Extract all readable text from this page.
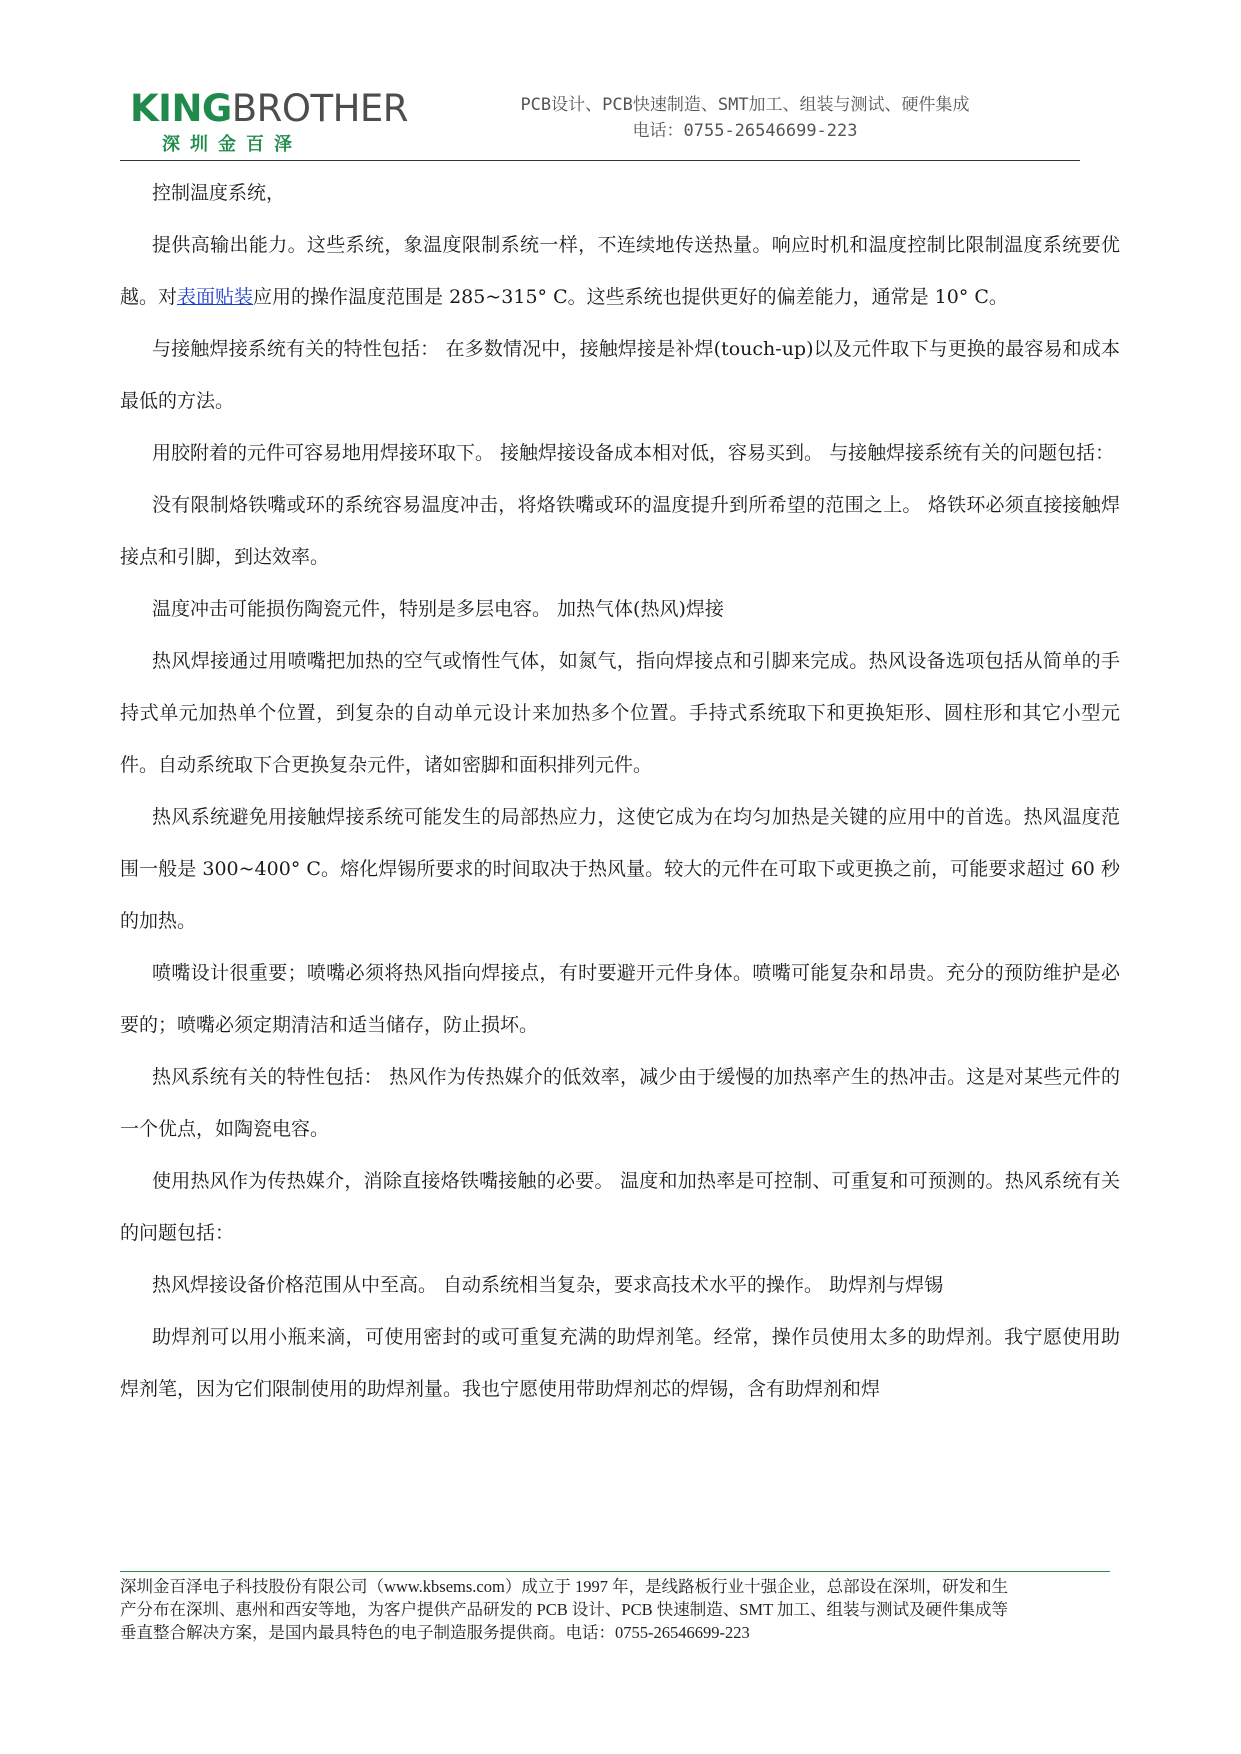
KINGBROTHER
深圳金百泽
PCB设计、PCB快速制造、SMT加工、组装与测试、硬件集成
电话：0755-26546699-223

控制温度系统，

提供高输出能力。这些系统，象温度限制系统一样，不连续地传送热量。响应时机和温度控制比限制温度系统要优越。对表面贴装应用的操作温度范围是 285~315° C。这些系统也提供更好的偏差能力，通常是 10° C。

与接触焊接系统有关的特性包括： 在多数情况中，接触焊接是补焊(touch-up)以及元件取下与更换的最容易和成本最低的方法。

用胶附着的元件可容易地用焊接环取下。 接触焊接设备成本相对低，容易买到。 与接触焊接系统有关的问题包括：

没有限制烙铁嘴或环的系统容易温度冲击，将烙铁嘴或环的温度提升到所希望的范围之上。 烙铁环必须直接接触焊接点和引脚，到达效率。

温度冲击可能损伤陶瓷元件，特别是多层电容。 加热气体(热风)焊接

热风焊接通过用喷嘴把加热的空气或惰性气体，如氮气，指向焊接点和引脚来完成。热风设备选项包括从简单的手持式单元加热单个位置，到复杂的自动单元设计来加热多个位置。手持式系统取下和更换矩形、圆柱形和其它小型元件。自动系统取下合更换复杂元件，诸如密脚和面积排列元件。

热风系统避免用接触焊接系统可能发生的局部热应力，这使它成为在均匀加热是关键的应用中的首选。热风温度范围一般是 300~400° C。熔化焊锡所要求的时间取决于热风量。较大的元件在可取下或更换之前，可能要求超过 60 秒的加热。

喷嘴设计很重要；喷嘴必须将热风指向焊接点，有时要避开元件身体。喷嘴可能复杂和昂贵。充分的预防维护是必要的；喷嘴必须定期清洁和适当储存，防止损坏。

热风系统有关的特性包括： 热风作为传热媒介的低效率，减少由于缓慢的加热率产生的热冲击。这是对某些元件的一个优点，如陶瓷电容。

使用热风作为传热媒介，消除直接烙铁嘴接触的必要。 温度和加热率是可控制、可重复和可预测的。热风系统有关的问题包括：

热风焊接设备价格范围从中至高。 自动系统相当复杂，要求高技术水平的操作。 助焊剂与焊锡

助焊剂可以用小瓶来滴，可使用密封的或可重复充满的助焊剂笔。经常，操作员使用太多的助焊剂。我宁愿使用助焊剂笔，因为它们限制使用的助焊剂量。我也宁愿使用带助焊剂芯的焊锡，含有助焊剂和焊

深圳金百泽电子科技股份有限公司（www.kbsems.com）成立于 1997 年，是线路板行业十强企业，总部设在深圳，研发和生
产分布在深圳、惠州和西安等地，为客户提供产品研发的 PCB 设计、PCB 快速制造、SMT 加工、组装与测试及硬件集成等
垂直整合解决方案，是国内最具特色的电子制造服务提供商。电话：0755-26546699-223
